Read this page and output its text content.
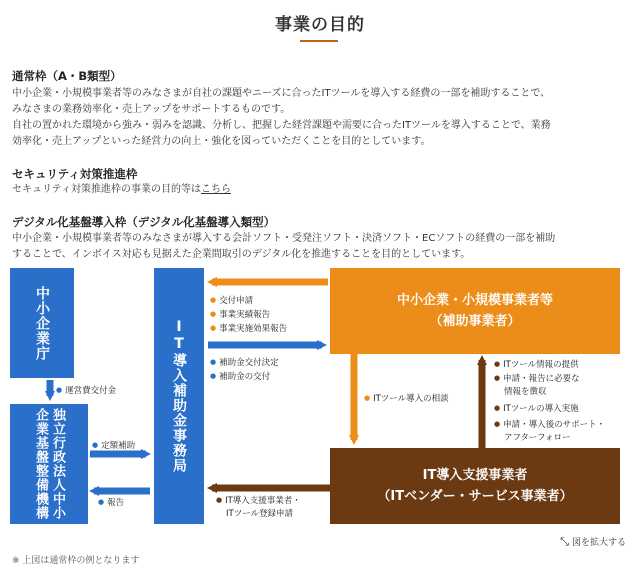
事業の目的
通常枠（A・B類型）
中小企業・小規模事業者等のみなさまが自社の課題やニーズに合ったITツールを導入する経費の一部を補助することで、
みなさまの業務効率化・売上アップをサポートするものです。
自社の置かれた環境から強み・弱みを認識、分析し、把握した経営課題や需要に合ったITツールを導入することで、業務
効率化・売上アップといった経営力の向上・強化を図っていただくことを目的としています。
セキュリティ対策推進枠
セキュリティ対策推進枠の事業の目的等はこちら
デジタル化基盤導入枠（デジタル化基盤導入類型）
中小企業・小規模事業者等のみなさまが導入する会計ソフト・受発注ソフト・決済ソフト・ECソフトの経費の一部を補助
することで、インボイス対応も見据えた企業間取引のデジタル化を推進することを目的としています。
中小企業庁
独立行政法人中小企業基盤整備機構	IT導入補助金事務局
中小企業・小規模事業者等
（補助事業者）
IT導入支援事業者
（ITベンダー・サービス事業者）
● 運営費交付金
● 定額補助
● 報告
● 交付申請
● 事業実績報告
● 事業実施効果報告
● 補助金交付決定
● 補助金の交付
● ITツール導入の相談
● ITツール情報の提供
● 申請・報告に必要な
情報を徴収
● ITツールの導入実施
● 申請・導入後のサポート・
アフターフォロー
● IT導入支援事業者・
ITツール登録申請
⤡ 図を拡大する
※ 上図は通常枠の例となります
